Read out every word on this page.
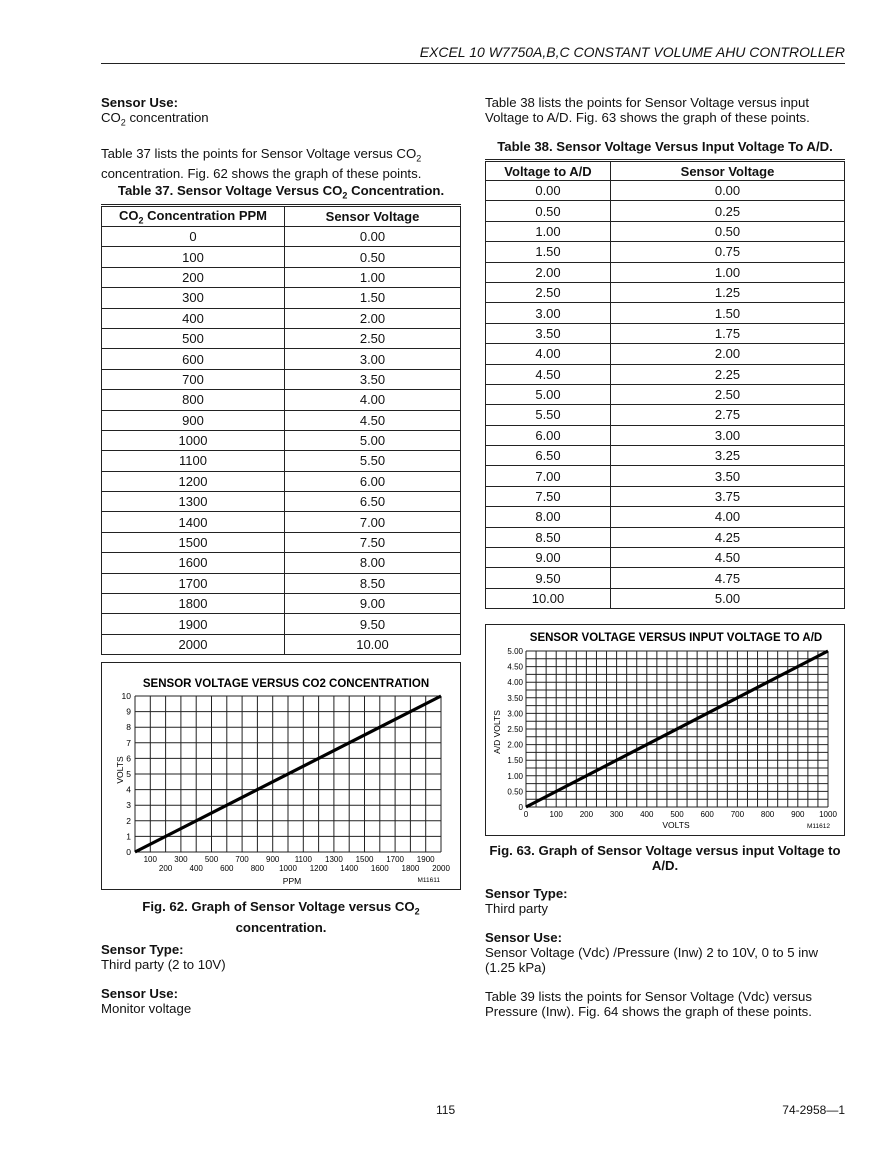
EXCEL 10 W7750A,B,C CONSTANT VOLUME AHU CONTROLLER

Sensor Use:

$CO_2$ concentration

Table 37 lists the points for Sensor Voltage versus $CO_2$ concentration. Fig. 62 shows the graph of these points.

Table 37. Sensor Voltage Versus $CO_2$ Concentration.
$CO_2$ Concentration PPM	Sensor Voltage
0	0.00
100	0.50
200	1.00
300	1.50
400	2.00
500	2.50
600	3.00
700	3.50
800	4.00
900	4.50
1000	5.00
1100	5.50
1200	6.00
1300	6.50
1400	7.00
1500	7.50
1600	8.00
1700	8.50
1800	9.00
1900	9.50
2000	10.00
SENSOR VOLTAGE VERSUS CO2 CONCENTRATION
0
1
2
3
4
5
6
7
8
9
10
100 300 500 700 900 1100 1300 1500 1700 1900
200 400 600 800 1000 1200 1400 1600 1800 2000
VOLTS
PPM	M11611
Fig. 62. Graph of Sensor Voltage versus $CO_2$
concentration.

Sensor Type:

Third party (2 to 10V)

Sensor Use:

Monitor voltage

Table 38 lists the points for Sensor Voltage versus input Voltage to A/D. Fig. 63 shows the graph of these points.
Table 38. Sensor Voltage Versus Input Voltage To A/D.
Voltage to A/D	Sensor Voltage
0.00	0.00
0.50	0.25
1.00	0.50
1.50	0.75
2.00	1.00
2.50	1.25
3.00	1.50
3.50	1.75
4.00	2.00
4.50	2.25
5.00	2.50
5.50	2.75
6.00	3.00
6.50	3.25
7.00	3.50
7.50	3.75
8.00	4.00
8.50	4.25
9.00	4.50
9.50	4.75
10.00	5.00
SENSOR VOLTAGE VERSUS INPUT VOLTAGE TO A/D
0
0.50
1.00
1.50
2.00
2.50
3.00
3.50
4.00
4.50
5.00
0	100 200 300 400 500 600 700 800 900 1000
A/D VOLTS
VOLTS	M11612
Fig. 63. Graph of Sensor Voltage versus input Voltage to A/D.

Sensor Type:

Third party

Sensor Use:

Sensor Voltage (Vdc) /Pressure (Inw) 2 to 10V, 0 to 5 inw (1.25 kPa)

Table 39 lists the points for Sensor Voltage (Vdc) versus Pressure (Inw). Fig. 64 shows the graph of these points.

115	74-2958—1
